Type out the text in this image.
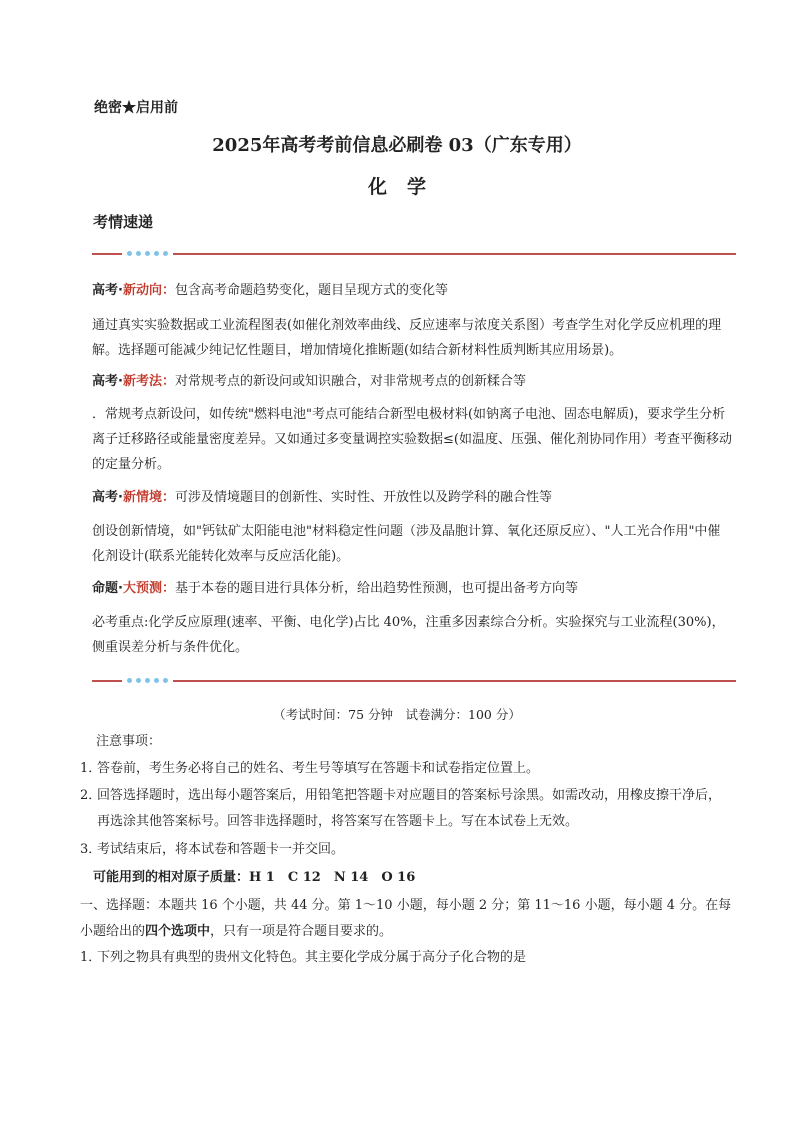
绝密★启用前
2025年高考考前信息必刷卷 03（广东专用）
化学
考情速递
高考·新动向：包含高考命题趋势变化，题目呈现方式的变化等
通过真实实验数据或工业流程图表(如催化剂效率曲线、反应速率与浓度关系图）考查学生对化学反应机理的理解。选择题可能减少纯记忆性题目，增加情境化推断题(如结合新材料性质判断其应用场景)。
高考·新考法：对常规考点的新设问或知识融合，对非常规考点的创新糅合等
．常规考点新设问，如传统"燃料电池"考点可能结合新型电极材料(如钠离子电池、固态电解质)，要求学生分析离子迁移路径或能量密度差异。又如通过多变量调控实验数据≤(如温度、压强、催化剂协同作用）考查平衡移动的定量分析。
高考·新情境：可涉及情境题目的创新性、实时性、开放性以及跨学科的融合性等
创设创新情境，如"钙钛矿太阳能电池"材料稳定性问题（涉及晶胞计算、氧化还原反应）、"人工光合作用"中催化剂设计(联系光能转化效率与反应活化能)。
命题·大预测：基于本卷的题目进行具体分析，给出趋势性预测，也可提出备考方向等
必考重点:化学反应原理(速率、平衡、电化学)占比 40%，注重多因素综合分析。实验探究与工业流程(30%)，侧重误差分析与条件优化。
（考试时间：75 分钟　试卷满分：100 分）
注意事项：
1．
答卷前，考生务必将自己的姓名、考生号等填写在答题卡和试卷指定位置上。
2．
回答选择题时，选出每小题答案后，用铅笔把答题卡对应题目的答案标号涂黑。如需改动，用橡皮擦干净后，再选涂其他答案标号。回答非选择题时，将答案写在答题卡上。写在本试卷上无效。
3．
考试结束后，将本试卷和答题卡一并交回。
可能用到的相对原子质量：H 1　C 12　N 14　O 16
一、选择题：本题共 16 个小题，共 44 分。第 1～10 小题，每小题 2 分；第 11～16 小题，每小题 4 分。在每小题给出的四个选项中，只有一项是符合题目要求的。
1．
下列之物具有典型的贵州文化特色。其主要化学成分属于高分子化合物的是
